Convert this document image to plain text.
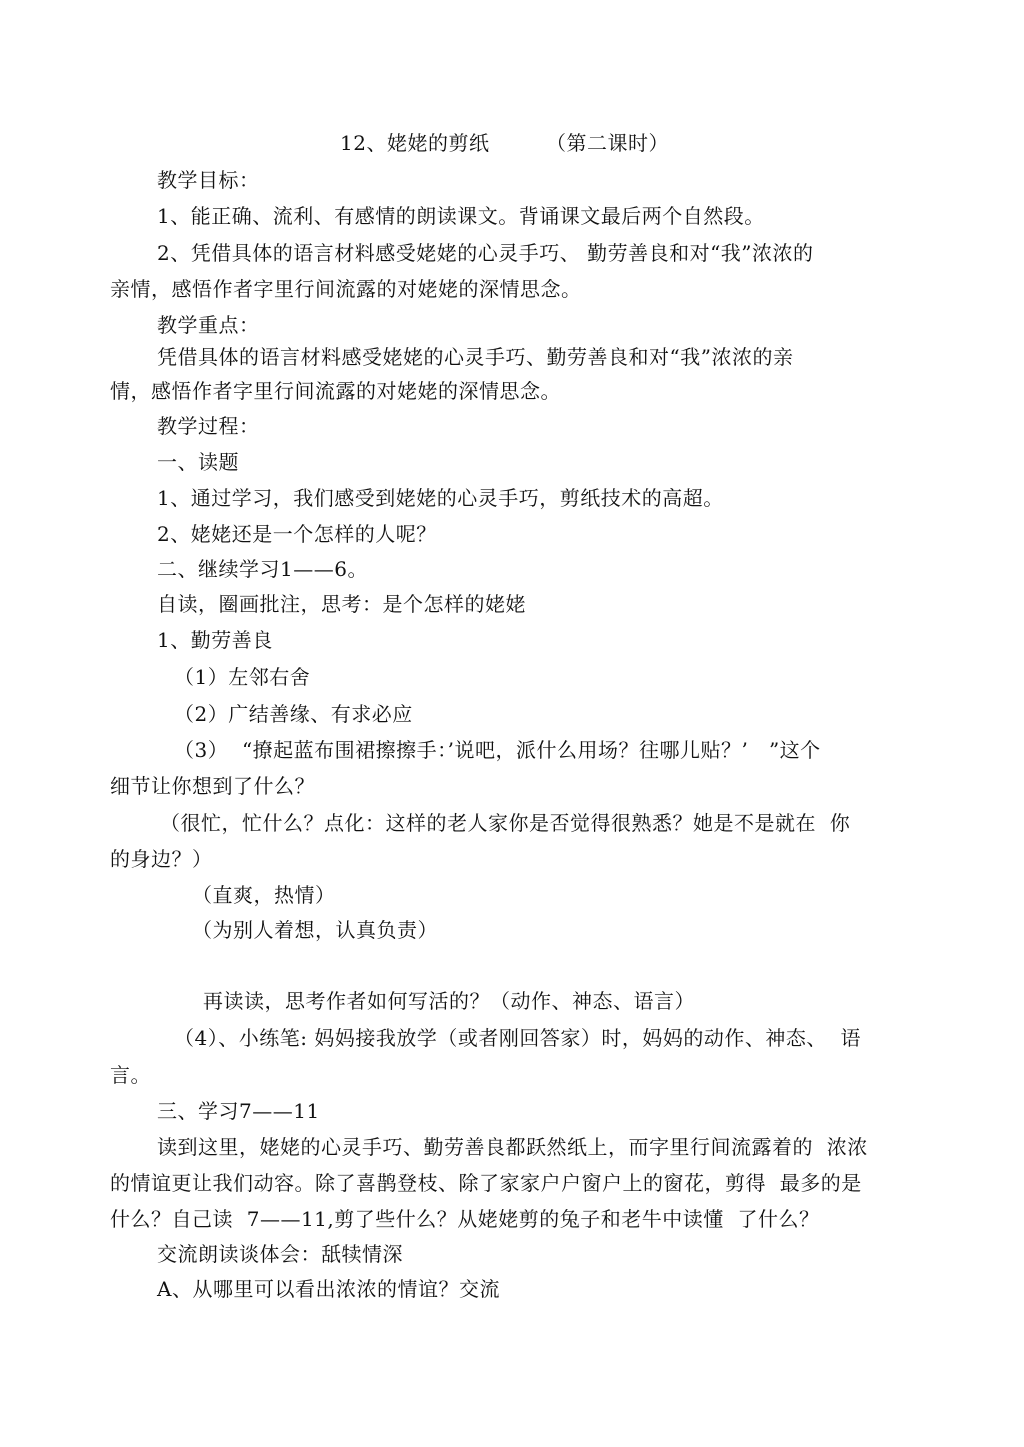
12、姥姥的剪纸	（第二课时）
教学目标：
1、能正确、流利、有感情的朗读课文。背诵课文最后两个自然段。
2、凭借具体的语言材料感受姥姥的心灵手巧、 勤劳善良和对“我”浓浓的
亲情，感悟作者字里行间流露的对姥姥的深情思念。
教学重点：
凭借具体的语言材料感受姥姥的心灵手巧、勤劳善良和对“我”浓浓的亲
情，感悟作者字里行间流露的对姥姥的深情思念。
教学过程：
一、读题
1、通过学习，我们感受到姥姥的心灵手巧，剪纸技术的高超。
2、姥姥还是一个怎样的人呢？
二、继续学习1——6。
自读，圈画批注，思考：是个怎样的姥姥
1、勤劳善良
（1）左邻右舍
（2）广结善缘、有求必应
（3）  “撩起蓝布围裙擦擦手：’说吧，派什么用场？往哪儿贴？’   ”这个
细节让你想到了什么？
（很忙，忙什么？点化：这样的老人家你是否觉得很熟悉？她是不是就在  你
的身边？）
（直爽，热情）
（为别人着想，认真负责）
再读读，思考作者如何写活的？（动作、神态、语言）
（4）、小练笔: 妈妈接我放学（或者刚回答家）时，妈妈的动作、神态、  语
言。
三、学习7——11
读到这里，姥姥的心灵手巧、勤劳善良都跃然纸上，而字里行间流露着的  浓浓
的情谊更让我们动容。除了喜鹊登枝、除了家家户户窗户上的窗花，剪得  最多的是
什么？自己读  7——11,剪了些什么？从姥姥剪的兔子和老牛中读懂  了什么？
交流朗读谈体会：舐犊情深
A、从哪里可以看出浓浓的情谊？交流
